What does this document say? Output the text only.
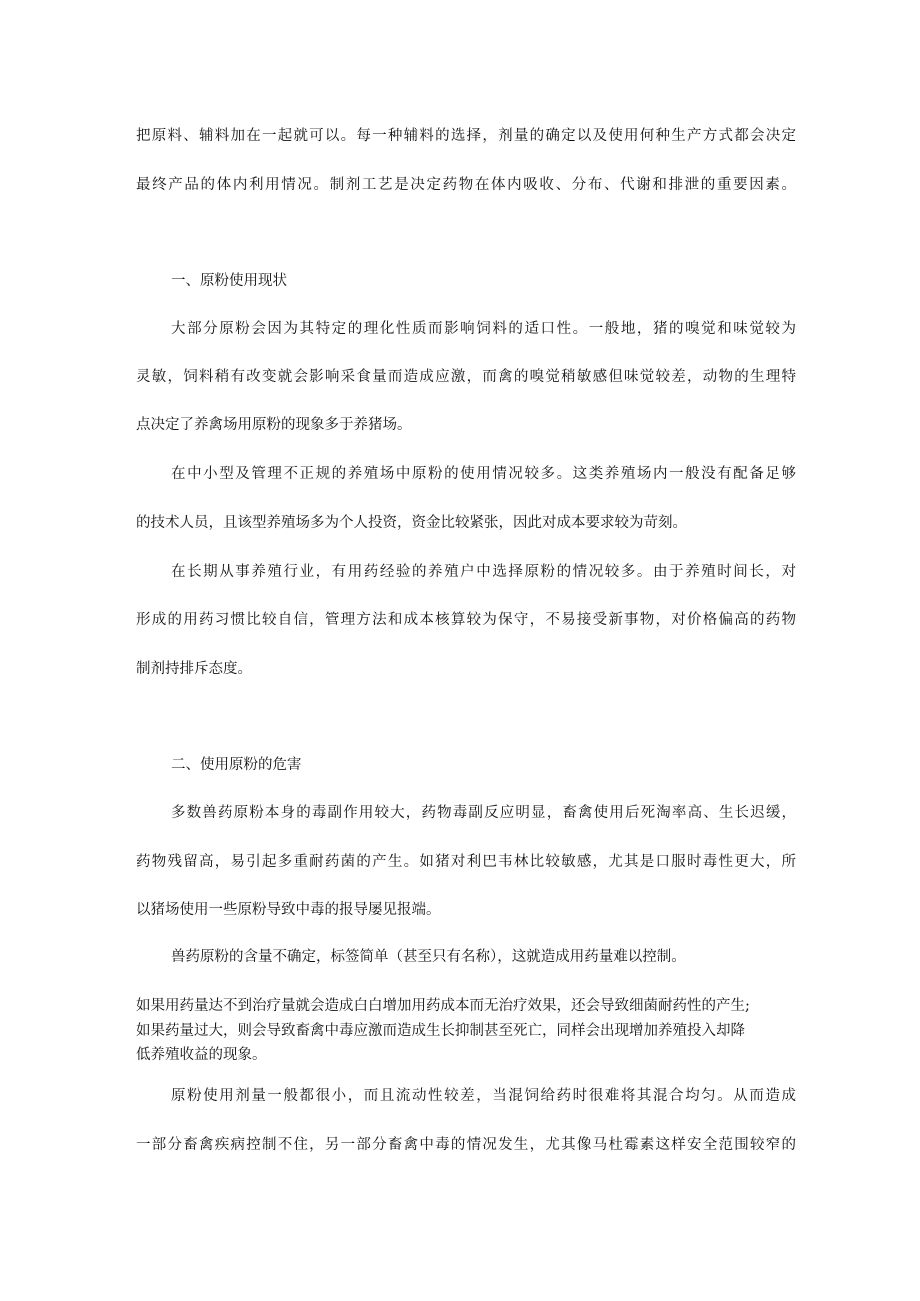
把原料、辅料加在一起就可以。每一种辅料的选择，剂量的确定以及使用何种生产方式都会决定
最终产品的体内利用情况。制剂工艺是决定药物在体内吸收、分布、代谢和排泄的重要因素。
一、原粉使用现状
大部分原粉会因为其特定的理化性质而影响饲料的适口性。一般地，猪的嗅觉和味觉较为
灵敏，饲料稍有改变就会影响采食量而造成应激，而禽的嗅觉稍敏感但味觉较差，动物的生理特
点决定了养禽场用原粉的现象多于养猪场。
在中小型及管理不正规的养殖场中原粉的使用情况较多。这类养殖场内一般没有配备足够
的技术人员，且该型养殖场多为个人投资，资金比较紧张，因此对成本要求较为苛刻。
在长期从事养殖行业，有用药经验的养殖户中选择原粉的情况较多。由于养殖时间长，对
形成的用药习惯比较自信，管理方法和成本核算较为保守，不易接受新事物，对价格偏高的药物
制剂持排斥态度。
二、使用原粉的危害
多数兽药原粉本身的毒副作用较大，药物毒副反应明显，畜禽使用后死淘率高、生长迟缓，
药物残留高，易引起多重耐药菌的产生。如猪对利巴韦林比较敏感，尤其是口服时毒性更大，所
以猪场使用一些原粉导致中毒的报导屡见报端。
兽药原粉的含量不确定，标签简单（甚至只有名称），这就造成用药量难以控制。
如果用药量达不到治疗量就会造成白白增加用药成本而无治疗效果，还会导致细菌耐药性的产生;
如果药量过大，则会导致畜禽中毒应激而造成生长抑制甚至死亡，同样会出现增加养殖投入却降
低养殖收益的现象。
原粉使用剂量一般都很小，而且流动性较差，当混饲给药时很难将其混合均匀。从而造成
一部分畜禽疾病控制不住，另一部分畜禽中毒的情况发生，尤其像马杜霉素这样安全范围较窄的
